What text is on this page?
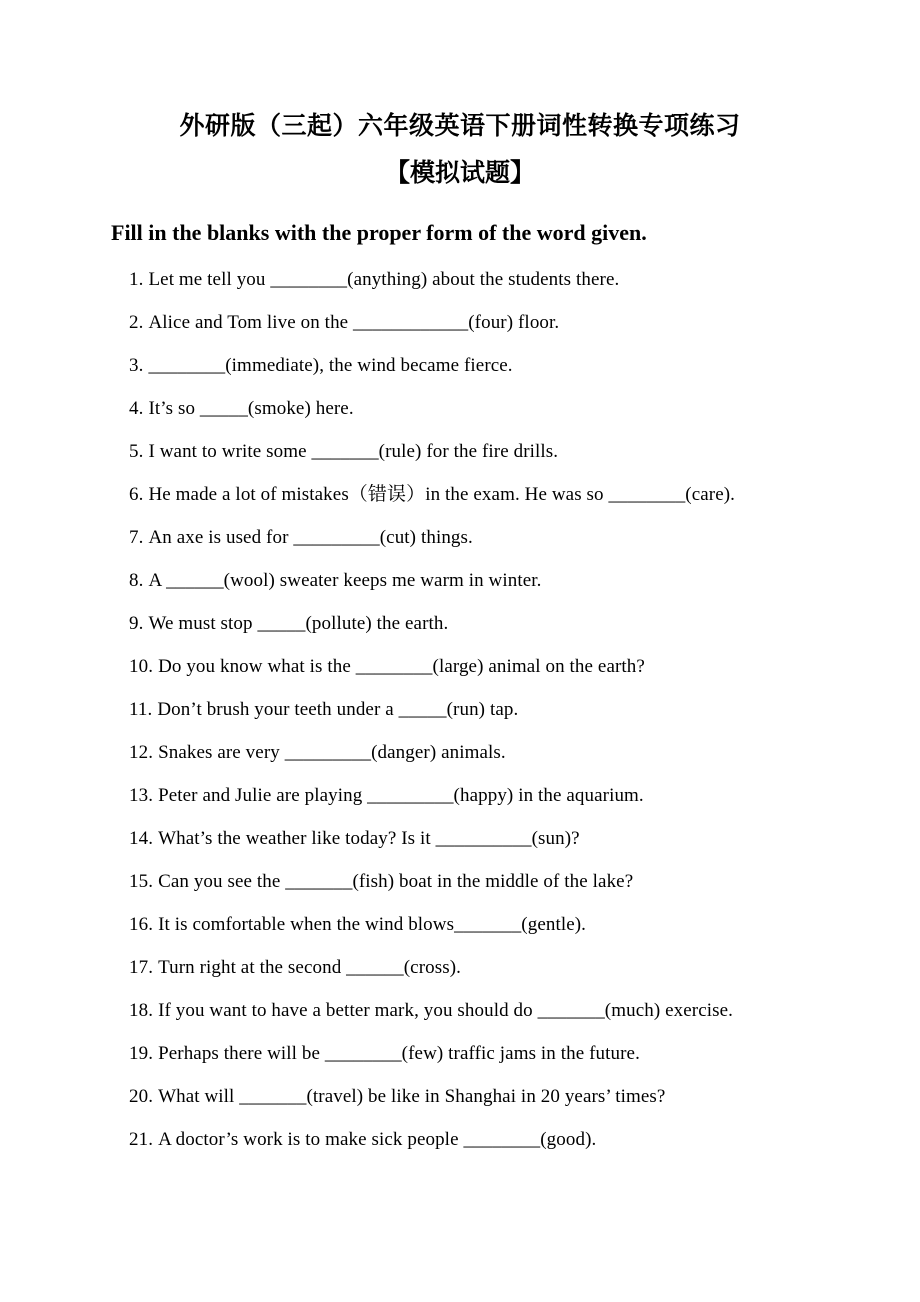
外研版（三起）六年级英语下册词性转换专项练习
【模拟试题】
Fill in the blanks with the proper form of the word given.
1. Let me tell you ________(anything) about the students there.
2. Alice and Tom live on the ____________(four) floor.
3. ________(immediate), the wind became fierce.
4. It’s so _____(smoke) here.
5. I want to write some _______(rule) for the fire drills.
6. He made a lot of mistakes（错误）in the exam. He was so ________(care).
7. An axe is used for _________(cut) things.
8. A ______(wool) sweater keeps me warm in winter.
9. We must stop _____(pollute) the earth.
10. Do you know what is the ________(large) animal on the earth?
11. Don’t brush your teeth under a _____(run) tap.
12. Snakes are very _________(danger) animals.
13. Peter and Julie are playing _________(happy) in the aquarium.
14. What’s the weather like today? Is it __________(sun)?
15. Can you see the _______(fish) boat in the middle of the lake?
16. It is comfortable when the wind blows_______(gentle).
17. Turn right at the second ______(cross).
18. If you want to have a better mark, you should do _______(much) exercise.
19. Perhaps there will be ________(few) traffic jams in the future.
20. What will _______(travel) be like in Shanghai in 20 years’ times?
21. A doctor’s work is to make sick people ________(good).
